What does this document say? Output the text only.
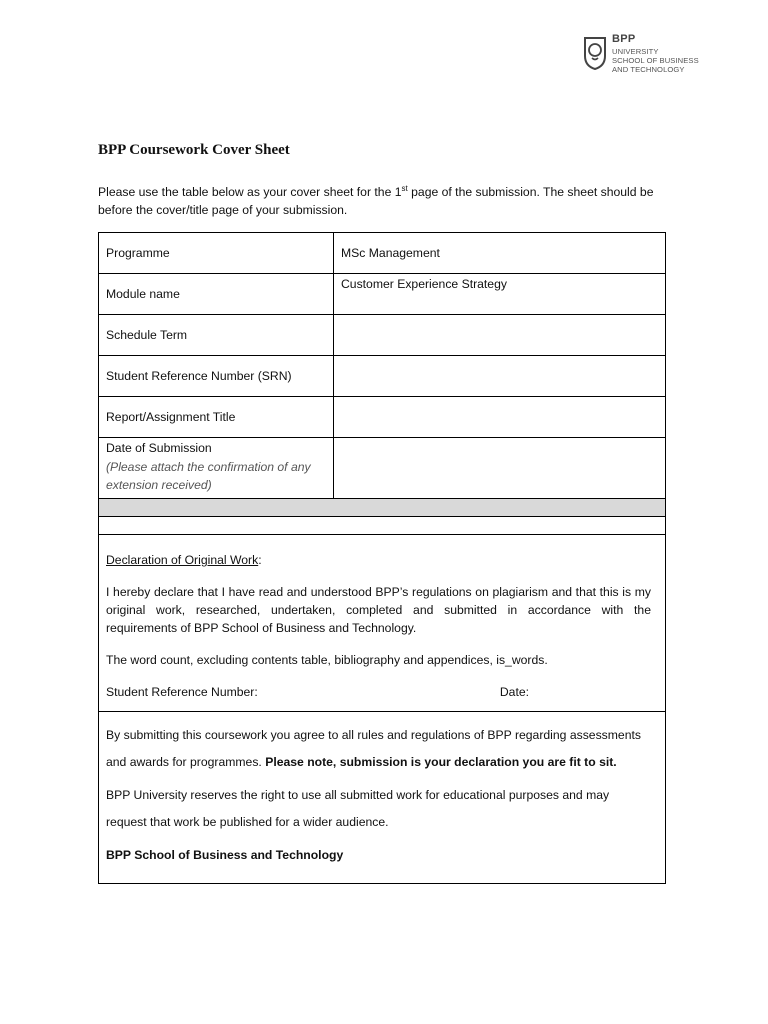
BPP
UNIVERSITY
SCHOOL OF BUSINESS
AND TECHNOLOGY
BPP Coursework Cover Sheet
Please use the table below as your cover sheet for the 1st page of the submission. The sheet should be before the cover/title page of your submission.
Programme	MSc Management
Module name	Customer Experience Strategy
Schedule Term	
Student Reference Number (SRN)	
Report/Assignment Title	

Date of Submission
(Please attach the confirmation of any extension received)	

Declaration of Original Work:

I hereby declare that I have read and understood BPP’s regulations on plagiarism and that this is my original work, researched, undertaken, completed and submitted in accordance with the requirements of BPP School of Business and Technology.

The word count, excluding contents table, bibliography and appendices, is_words.

Student Reference Number: Date:	

By submitting this coursework you agree to all rules and regulations of BPP regarding assessments and awards for programmes. Please note, submission is your declaration you are fit to sit.

BPP University reserves the right to use all submitted work for educational purposes and may request that work be published for a wider audience.

BPP School of Business and Technology	
